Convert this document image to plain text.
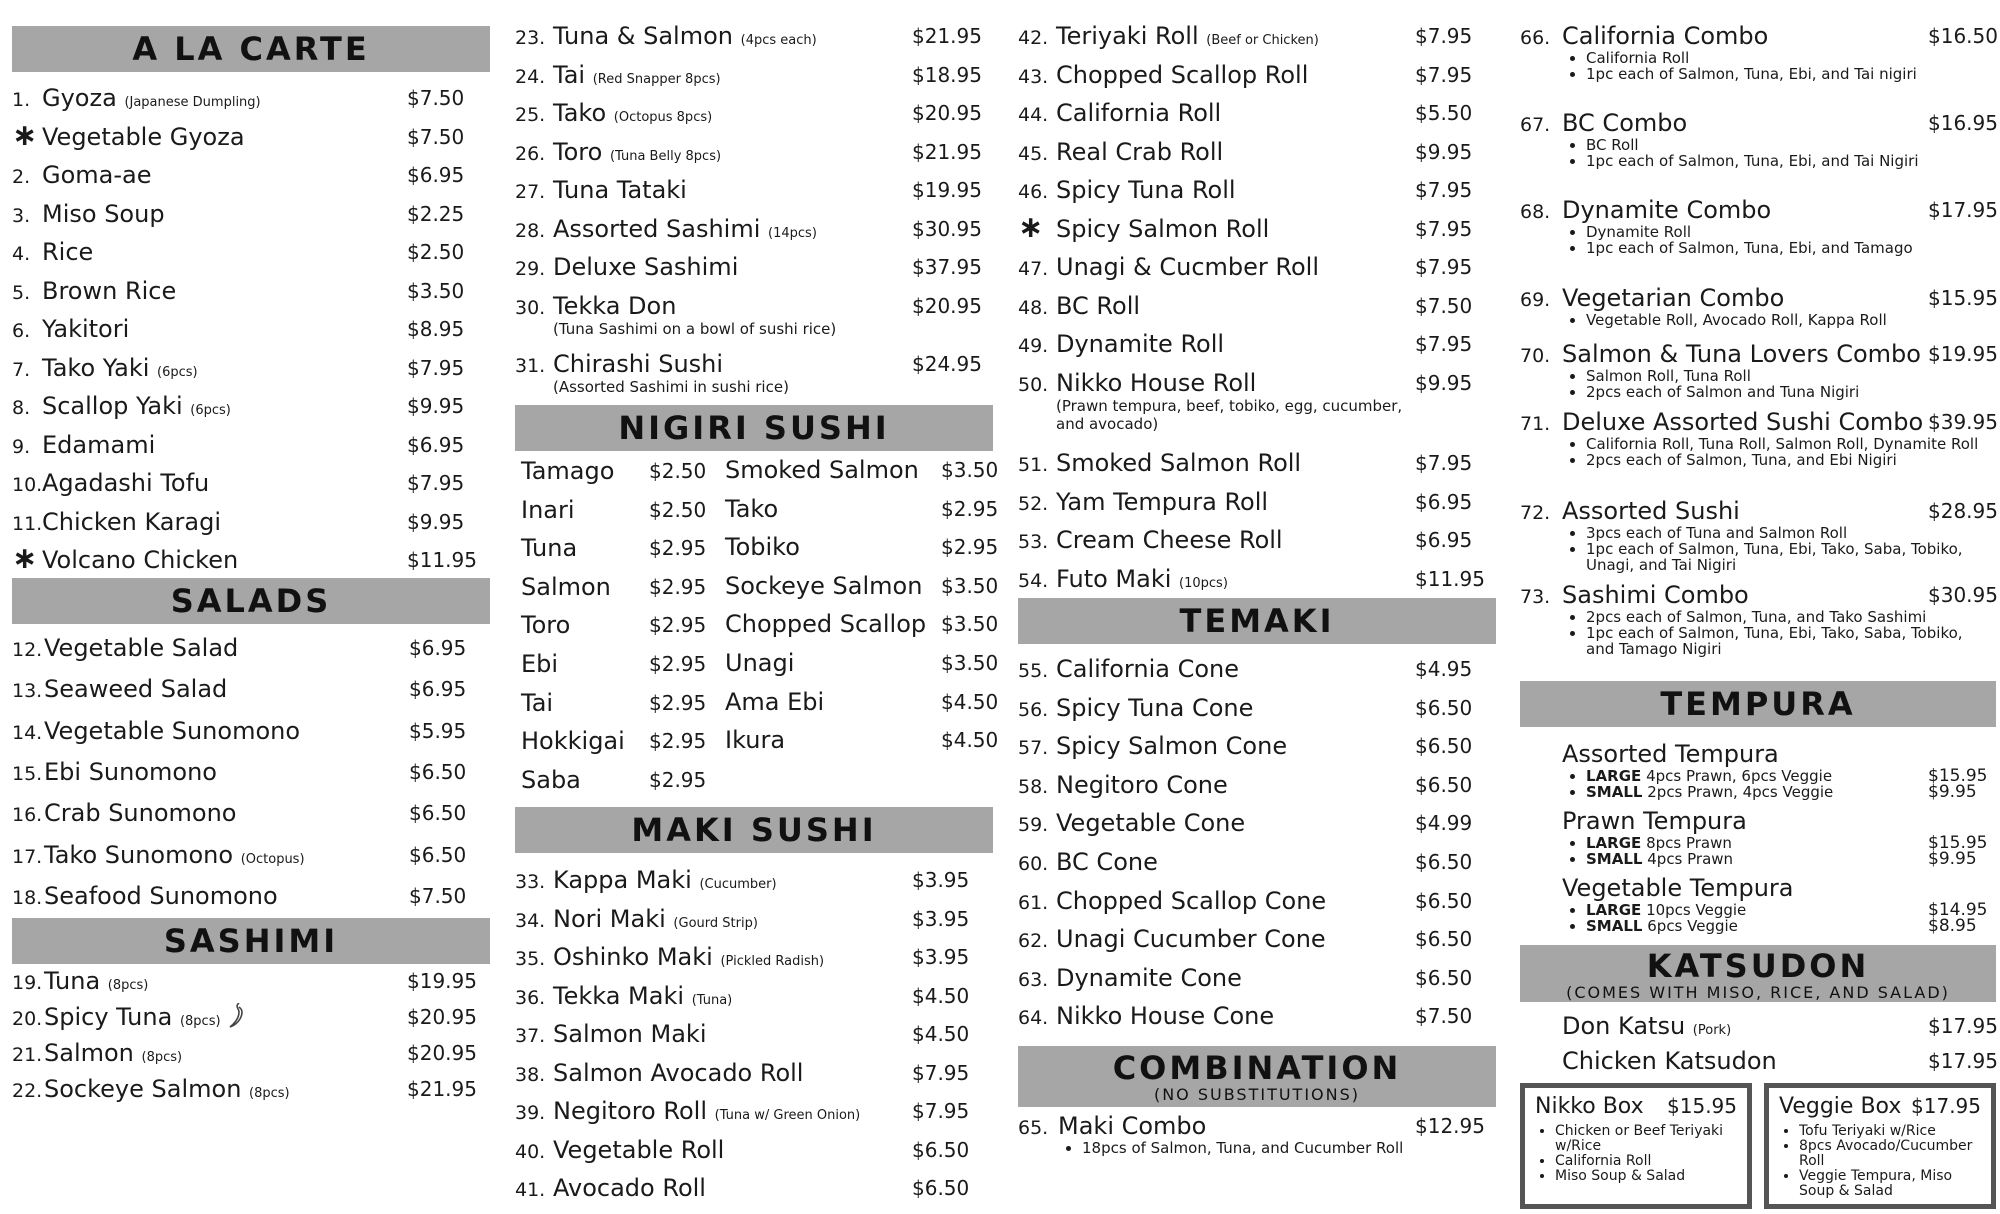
A LA CARTE
1. Gyoza (Japanese Dumpling)	$7.50
∗ Vegetable Gyoza	$7.50
2. Goma-ae	$6.95
3. Miso Soup	$2.25
4. Rice	$2.50
5. Brown Rice	$3.50
6. Yakitori	$8.95
7. Tako Yaki (6pcs)	$7.95
8. Scallop Yaki (6pcs)	$9.95
9. Edamami	$6.95
10.Agadashi Tofu	$7.95
11.Chicken Karagi	$9.95
∗ Volcano Chicken	$11.95
SALADS
12.Vegetable Salad	$6.95
13.Seaweed Salad	$6.95
14.Vegetable Sunomono	$5.95
15.Ebi Sunomono	$6.50
16.Crab Sunomono	$6.50
17.Tako Sunomono (Octopus)	$6.50
18.Seafood Sunomono	$7.50
SASHIMI
19.Tuna (8pcs)	$19.95
20.Spicy Tuna (8pcs)	$20.95
21.Salmon (8pcs)	$20.95
22.Sockeye Salmon (8pcs)	$21.95
23. Tuna & Salmon (4pcs each)	$21.95
24. Tai (Red Snapper 8pcs)	$18.95
25. Tako (Octopus 8pcs)	$20.95
26. Toro (Tuna Belly 8pcs)	$21.95
27. Tuna Tataki	$19.95
28. Assorted Sashimi (14pcs)	$30.95
29. Deluxe Sashimi	$37.95
30. Tekka Don	$20.95
(Tuna Sashimi on a bowl of sushi rice)
31. Chirashi Sushi	$24.95
(Assorted Sashimi in sushi rice)
NIGIRI SUSHI
Tamago $2.50
Inari	$2.50
Tuna	$2.95
Salmon $2.95
Toro	$2.95
Ebi	$2.95
Tai	$2.95
Hokkigai $2.95
Saba	$2.95
Smoked Salmon $3.50
Tako	$2.95
Tobiko	$2.95
Sockeye Salmon $3.50
Chopped Scallop $3.50
Unagi	$3.50
Ama Ebi	$4.50
Ikura	$4.50
MAKI SUSHI
33. Kappa Maki (Cucumber)	$3.95
34. Nori Maki (Gourd Strip)	$3.95
35. Oshinko Maki (Pickled Radish)	$3.95
36. Tekka Maki (Tuna)	$4.50
37. Salmon Maki	$4.50
38. Salmon Avocado Roll	$7.95
39. Negitoro Roll (Tuna w/ Green Onion)	$7.95
40. Vegetable Roll	$6.50
41. Avocado Roll	$6.50
42. Teriyaki Roll (Beef or Chicken)	$7.95
43. Chopped Scallop Roll	$7.95
44. California Roll	$5.50
45. Real Crab Roll	$9.95
46. Spicy Tuna Roll	$7.95
∗ Spicy Salmon Roll	$7.95
47. Unagi & Cucmber Roll	$7.95
48. BC Roll	$7.50
49. Dynamite Roll	$7.95
50. Nikko House Roll	$9.95
(Prawn tempura, beef, tobiko, egg, cucumber, and avocado)
51. Smoked Salmon Roll	$7.95
52. Yam Tempura Roll	$6.95
53. Cream Cheese Roll	$6.95
54. Futo Maki (10pcs)	$11.95
TEMAKI
55. California Cone	$4.95
56. Spicy Tuna Cone	$6.50
57. Spicy Salmon Cone	$6.50
58. Negitoro Cone	$6.50
59. Vegetable Cone	$4.99
60. BC Cone	$6.50
61. Chopped Scallop Cone	$6.50
62. Unagi Cucumber Cone	$6.50
63. Dynamite Cone	$6.50
64. Nikko House Cone	$7.50
COMBINATION
(NO SUBSTITUTIONS)
65. Maki Combo	$12.95
• 18pcs of Salmon, Tuna, and Cucumber Roll
66. California Combo	$16.50
• California Roll
• 1pc each of Salmon, Tuna, Ebi, and Tai nigiri
67. BC Combo	$16.95
• BC Roll
• 1pc each of Salmon, Tuna, Ebi, and Tai Nigiri
68. Dynamite Combo	$17.95
• Dynamite Roll
• 1pc each of Salmon, Tuna, Ebi, and Tamago
69. Vegetarian Combo	$15.95
• Vegetable Roll, Avocado Roll, Kappa Roll
70. Salmon & Tuna Lovers Combo $19.95
• Salmon Roll, Tuna Roll
• 2pcs each of Salmon and Tuna Nigiri
71. Deluxe Assorted Sushi Combo $39.95
• California Roll, Tuna Roll, Salmon Roll, Dynamite Roll
• 2pcs each of Salmon, Tuna, and Ebi Nigiri
72. Assorted Sushi	$28.95
• 3pcs each of Tuna and Salmon Roll
• 1pc each of Salmon, Tuna, Ebi, Tako, Saba, Tobiko, Unagi, and Tai Nigiri
73. Sashimi Combo	$30.95
• 2pcs each of Salmon, Tuna, and Tako Sashimi
• 1pc each of Salmon, Tuna, Ebi, Tako, Saba, Tobiko, and Tamago Nigiri
TEMPURA
Assorted Tempura
• LARGE 4pcs Prawn, 6pcs Veggie	$15.95
• SMALL 2pcs Prawn, 4pcs Veggie	$9.95
Prawn Tempura
• LARGE 8pcs Prawn	$15.95
• SMALL 4pcs Prawn	$9.95
Vegetable Tempura
• LARGE 10pcs Veggie	$14.95
• SMALL 6pcs Veggie	$8.95
KATSUDON
(COMES WITH MISO, RICE, AND SALAD)
Don Katsu (Pork)	$17.95
Chicken Katsudon	$17.95
Nikko Box $15.95
• Chicken or Beef Teriyaki w/Rice
• California Roll
• Miso Soup & Salad
Veggie Box $17.95
• Tofu Teriyaki w/Rice
• 8pcs Avocado/Cucumber Roll
• Veggie Tempura, Miso Soup & Salad
